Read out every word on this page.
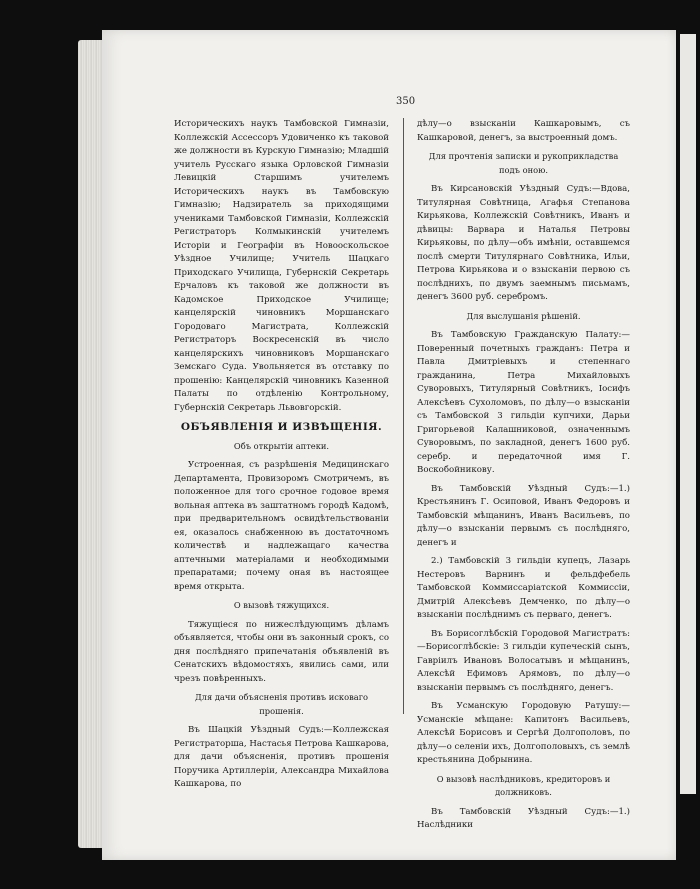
350

Историческихъ наукъ Тамбовской Гимназіи, Коллежскій Ассессоръ Удовиченко къ таковой же должности въ Курскую Гимназію; Младшій учитель Русскаго языка Орловской Гимназіи Левицкій Старшимъ учителемъ Историческихъ наукъ въ Тамбовскую Гимназію; Надзиратель за приходящими учениками Тамбовской Гимназіи, Коллежскій Регистраторъ Колмыкинскій учителемъ Исторіи и Географіи въ Новооскольское Уѣздное Училище; Учитель Шацкаго Приходскаго Училища, Губернскій Секретарь Ерчаловъ къ таковой же должности въ Кадомское Приходское Училище; канцелярскій чиновникъ Моршанскаго Городоваго Магистрата, Коллежскій Регистраторъ Воскресенскій въ число канцелярскихъ чиновниковъ Моршанскаго Земскаго Суда. Увольняется въ отставку по прошенію: Канцелярскій чиновникъ Казенной Палаты по отдѣленію Контрольному, Губернскій Секретарь Львовгорскій.

ОБЪЯВЛЕНІЯ И ИЗВѢЩЕНІЯ.
Объ открытіи аптеки.

Устроенная, съ разрѣшенія Медицинскаго Департамента, Провизоромъ Смотричемъ, въ положенное для того срочное годовое время вольная аптека въ заштатномъ городѣ Кадомѣ, при предварительномъ освидѣтельствованіи ея, оказалось снабженною въ достаточномъ количествѣ и надлежащаго качества аптечными матеріалами и необходимыми препаратами; почему оная въ настоящее время открыта.

О вызовѣ тяжущихся.

Тяжущіеся по нижеслѣдующимъ дѣламъ объявляется, чтобы они въ законный срокъ, со дня послѣдняго припечатанія объявленій въ Сенатскихъ вѣдомостяхъ, явились сами, или чрезъ повѣренныхъ.

Для дачи объясненія противъ исковаго прошенія.

Въ Шацкій Уѣздный Судъ:—Коллежская Регистраторша, Настасья Петрова Кашкарова, для дачи объясненія, противъ прошенія Поручика Артиллеріи, Александра Михайлова Кашкарова, по

дѣлу—о взысканіи Кашкаровымъ, съ Кашкаровой, денегъ, за выстроенный домъ.

Для прочтенія записки и рукоприкладства подъ оною.

Въ Кирсановскій Уѣздный Судъ:—Вдова, Титулярная Совѣтница, Агафья Степанова Кирьякова, Коллежскій Совѣтникъ, Иванъ и дѣвицы: Варвара и Наталья Петровы Кирьяковы, по дѣлу—объ имѣніи, оставшемся послѣ смерти Титулярнаго Совѣтника, Ильи, Петрова Кирьякова и о взысканіи первою съ послѣднихъ, по двумъ заемнымъ письмамъ, денегъ 3600 руб. серебромъ.

Для выслушанія рѣшеній.

Въ Тамбовскую Гражданскую Палату:—Поверенный почетныхъ гражданъ: Петра и Павла Дмитріевыхъ и степеннаго гражданина, Петра Михайловыхъ Суворовыхъ, Титулярный Совѣтникъ, Іосифъ Алексѣевъ Сухоломовъ, по дѣлу—о взысканіи съ Тамбовской 3 гильдіи купчихи, Дарьи Григорьевой Калашниковой, означеннымъ Суворовымъ, по закладной, денегъ 1600 руб. серебр. и передаточной имя Г. Воскобойникову.

Въ Тамбовскій Уѣздный Судъ:—1.) Крестьянинъ Г. Осиповой, Иванъ Федоровъ и Тамбовскій мѣщанинъ, Иванъ Васильевъ, по дѣлу—о взысканіи первымъ съ послѣдняго, денегъ и

2.) Тамбовскій 3 гильдіи купецъ, Лазарь Нестеровъ Варнинъ и фельдфебель Тамбовской Коммиссаріатской Коммиссіи, Дмитрій Алексѣевъ Демченко, по дѣлу—о взысканіи послѣднимъ съ перваго, денегъ.

Въ Борисоглѣбскій Городовой Магистратъ:—Борисоглѣбскіе: 3 гильдіи купеческій сынъ, Гавріилъ Ивановъ Волосатывъ и мѣщанинъ, Алексѣй Ефимовъ Арямовъ, по дѣлу—о взысканіи первымъ съ послѣдняго, денегъ.

Въ Усманскую Городовую Ратушу:—Усманскіе мѣщане: Капитонъ Васильевъ, Алексѣй Борисовъ и Сергѣй Долгополовъ, по дѣлу—о селеніи ихъ, Долгополовыхъ, съ землѣ крестьянина Добрынина.

О вызовѣ наслѣдниковъ, кредиторовъ и должниковъ.

Въ Тамбовскій Уѣздный Судъ:—1.) Наслѣдники
